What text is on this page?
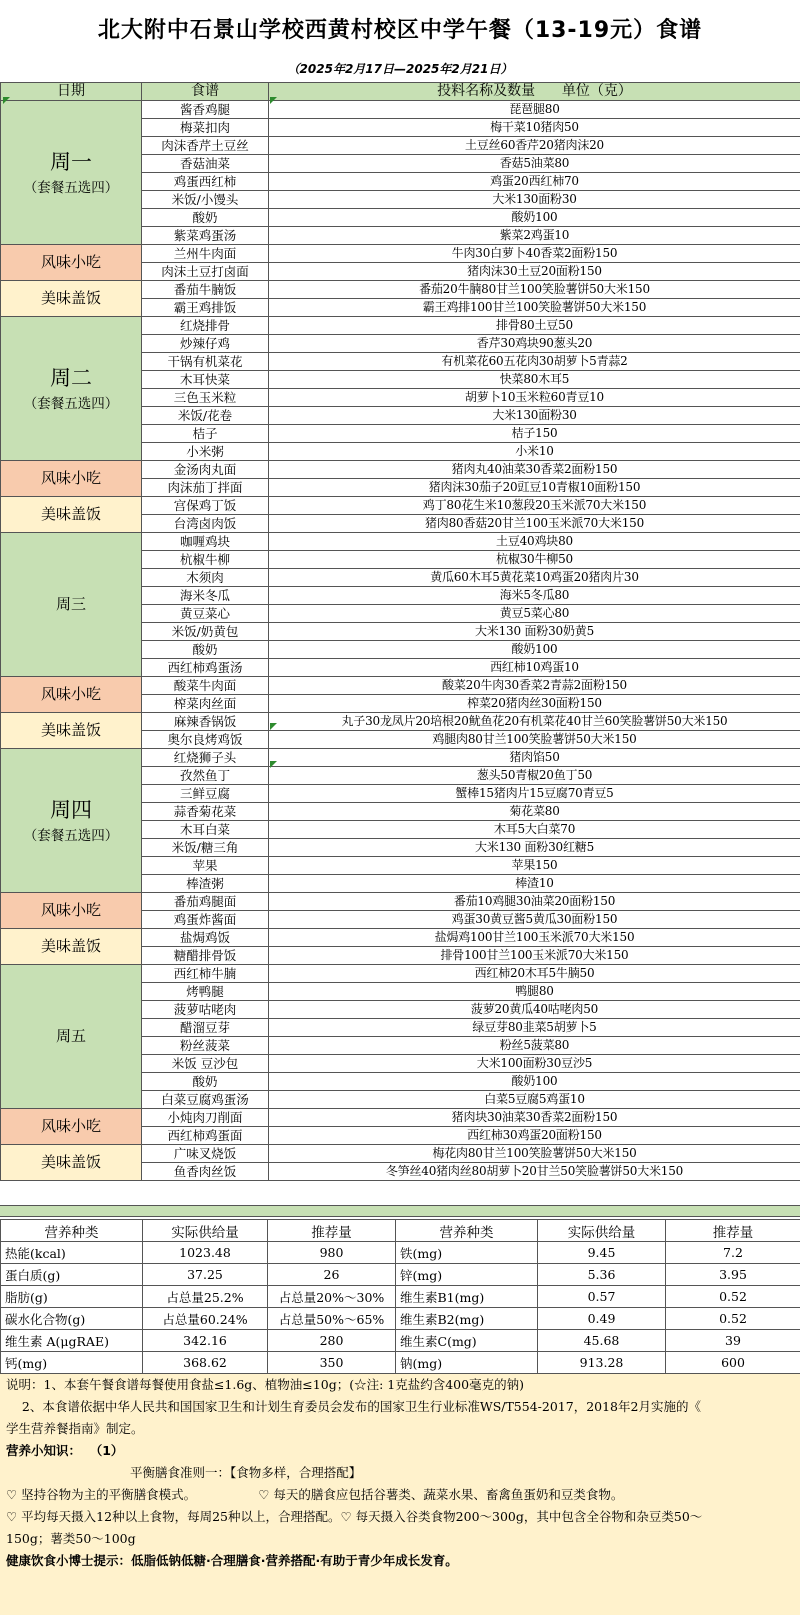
北大附中石景山学校西黄村校区中学午餐（13-19元）食谱
（2025年2月17日—2025年2月21日）
日期	食谱	投料名称及数量      单位（克）

周一
（套餐五选四）	酱香鸡腿	琵琶腿80
	梅菜扣肉	梅干菜10猪肉50
	肉沫香芹土豆丝	土豆丝60香芹20猪肉沫20
	香菇油菜	香菇5油菜80
	鸡蛋西红柿	鸡蛋20西红柿70
	米饭/小馒头	大米130面粉30
	酸奶	酸奶100
	紫菜鸡蛋汤	紫菜2鸡蛋10
风味小吃	兰州牛肉面	牛肉30白萝卜40香菜2面粉150
	肉沫土豆打卤面	猪肉沫30土豆20面粉150
美味盖饭	番茄牛腩饭	番茄20牛腩80甘兰100笑脸薯饼50大米150
	霸王鸡排饭	霸王鸡排100甘兰100笑脸薯饼50大米150

周二
（套餐五选四）	红烧排骨	排骨80土豆50
	炒辣仔鸡	香芹30鸡块90葱头20
	干锅有机菜花	有机菜花60五花肉30胡萝卜5青蒜2
	木耳快菜	快菜80木耳5
	三色玉米粒	胡萝卜10玉米粒60青豆10
	米饭/花卷	大米130面粉30
	桔子	桔子150
	小米粥	小米10
风味小吃	金汤肉丸面	猪肉丸40油菜30香菜2面粉150
	肉沫茄丁拌面	猪肉沫30茄子20豇豆10青椒10面粉150
美味盖饭	宫保鸡丁饭	鸡丁80花生米10葱段20玉米派70大米150
	台湾卤肉饭	猪肉80香菇20甘兰100玉米派70大米150
周三	咖喱鸡块	土豆40鸡块80
	杭椒牛柳	杭椒30牛柳50
	木须肉	黄瓜60木耳5黄花菜10鸡蛋20猪肉片30
	海米冬瓜	海米5冬瓜80
	黄豆菜心	黄豆5菜心80
	米饭/奶黄包	大米130 面粉30奶黄5
	酸奶	酸奶100
	西红柿鸡蛋汤	西红柿10鸡蛋10
风味小吃	酸菜牛肉面	酸菜20牛肉30香菜2青蒜2面粉150
	榨菜肉丝面	榨菜20猪肉丝30面粉150
美味盖饭	麻辣香锅饭	丸子30龙凤片20培根20鱿鱼花20有机菜花40甘兰60笑脸薯饼50大米150
	奥尔良烤鸡饭	鸡腿肉80甘兰100笑脸薯饼50大米150

周四
（套餐五选四）	红烧狮子头	猪肉馅50
	孜然鱼丁	葱头50青椒20鱼丁50
	三鲜豆腐	蟹棒15猪肉片15豆腐70青豆5
	蒜香菊花菜	菊花菜80
	木耳白菜	木耳5大白菜70
	米饭/糖三角	大米130 面粉30红糖5
	苹果	苹果150
	棒渣粥	棒渣10
风味小吃	番茄鸡腿面	番茄10鸡腿30油菜20面粉150
	鸡蛋炸酱面	鸡蛋30黄豆酱5黄瓜30面粉150
美味盖饭	盐焗鸡饭	盐焗鸡100甘兰100玉米派70大米150
	糖醋排骨饭	排骨100甘兰100玉米派70大米150
周五	西红柿牛腩	西红柿20木耳5牛腩50
	烤鸭腿	鸭腿80
	菠萝咕咾肉	菠萝20黄瓜40咕咾肉50
	醋溜豆芽	绿豆芽80韭菜5胡萝卜5
	粉丝菠菜	粉丝5菠菜80
	米饭 豆沙包	大米100面粉30豆沙5
	酸奶	酸奶100
	白菜豆腐鸡蛋汤	白菜5豆腐5鸡蛋10
风味小吃	小炖肉刀削面	猪肉块30油菜30香菜2面粉150
	西红柿鸡蛋面	西红柿30鸡蛋20面粉150
美味盖饭	广味叉烧饭	梅花肉80甘兰100笑脸薯饼50大米150
	鱼香肉丝饭	冬笋丝40猪肉丝80胡萝卜20甘兰50笑脸薯饼50大米150
营养种类	实际供给量	推荐量	营养种类	实际供给量	推荐量
热能(kcal)	1023.48	980	铁(mg)	9.45	7.2
蛋白质(g)	37.25	26	锌(mg)	5.36	3.95
脂肪(g)	占总量25.2%	占总量20%～30%	维生素B1(mg)	0.57	0.52
碳水化合物(g)	占总量60.24%	占总量50%～65%	维生素B2(mg)	0.49	0.52
维生素 A(μgRAE)	342.16	280	维生素C(mg)	45.68	39
钙(mg)	368.62	350	钠(mg)	913.28	600

说明：1、本套午餐食谱每餐使用食盐≤1.6g、植物油≤10g；(☆注: 1克盐约含400毫克的钠)

2、本食谱依据中华人民共和国国家卫生和计划生育委员会发布的国家卫生行业标准WS/T554-2017，2018年2月实施的《

学生营养餐指南》制定。

营养小知识：  （1）

平衡膳食准则一：【食物多样，合理搭配】

♡ 坚持谷物为主的平衡膳食模式。	♡ 每天的膳食应包括谷薯类、蔬菜水果、畜禽鱼蛋奶和豆类食物。

♡ 平均每天摄入12种以上食物，每周25种以上，合理搭配。♡ 每天摄入谷类食物200～300g，其中包含全谷物和杂豆类50～

150g；薯类50～100g

健康饮食小博士提示：低脂低钠低糖·合理膳食·营养搭配·有助于青少年成长发育。
